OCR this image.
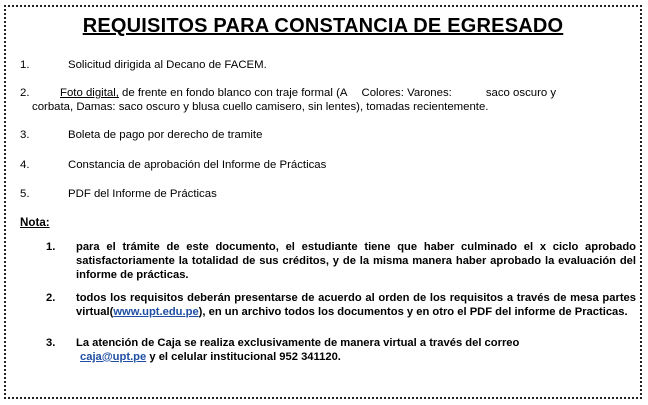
REQUISITOS PARA CONSTANCIA DE EGRESADO
1.	Solicitud dirigida al Decano de FACEM.
2.	Foto digital, de frente en fondo blanco con traje formal (A Colores: Varones:	saco oscuro y
corbata, Damas: saco oscuro y blusa cuello camisero, sin lentes), tomadas recientemente.
3.	Boleta de pago por derecho de tramite
4.	Constancia de aprobación del Informe de Prácticas
5.	PDF del Informe de Prácticas
Nota:
1. para el trámite de este documento, el estudiante tiene que haber culminado el x ciclo aprobado satisfactoriamente la totalidad de sus créditos, y de la misma manera haber aprobado la evaluación del informe de prácticas.
2. todos los requisitos deberán presentarse de acuerdo al orden de los requisitos a través de mesa partes virtual(www.upt.edu.pe), en un archivo todos los documentos y en otro el PDF del informe de Practicas.
3. La atención de Caja se realiza exclusivamente de manera virtual a través del correo
caja@upt.pe y el celular institucional 952 341120.
